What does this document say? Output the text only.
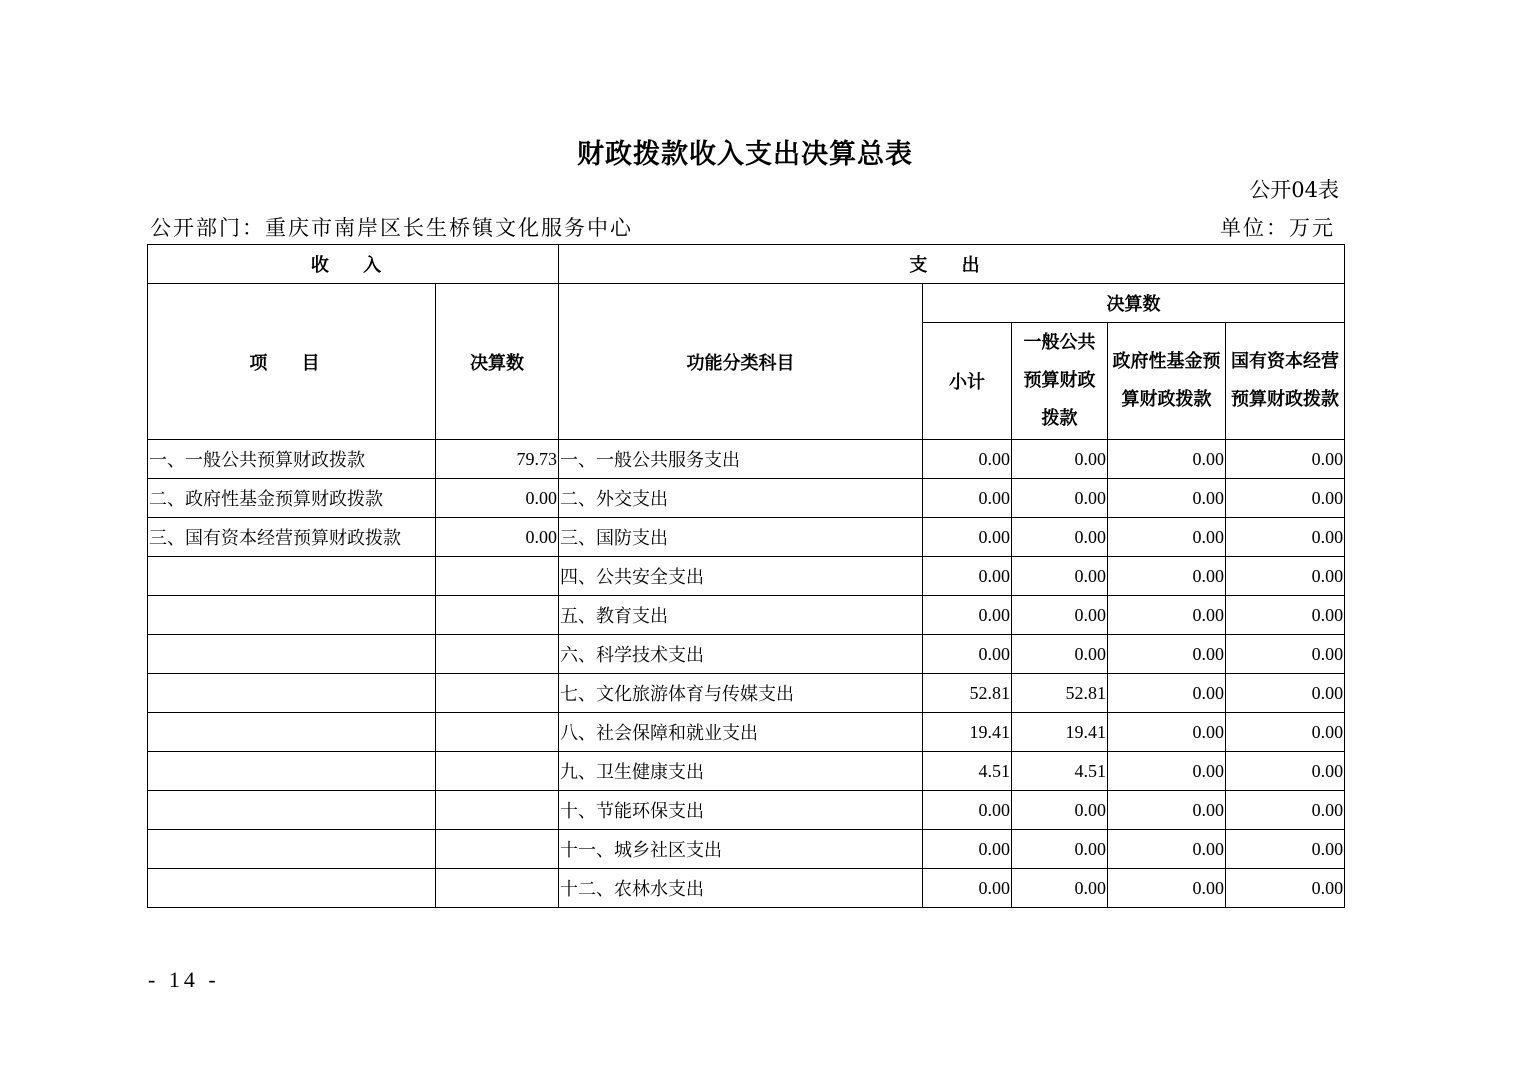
财政拨款收入支出决算总表
公开04表
公开部门：重庆市南岸区长生桥镇文化服务中心	单位：万元
收 入		支 出				
项 目	决算数	功能分类科目	决算数			
			小计	一般公共预算财政拨款	政府性基金预算财政拨款	国有资本经营预算财政拨款
一、一般公共预算财政拨款	79.73	一、一般公共服务支出	0.00	0.00	0.00	0.00
二、政府性基金预算财政拨款	0.00	二、外交支出	0.00	0.00	0.00	0.00
三、国有资本经营预算财政拨款	0.00	三、国防支出	0.00	0.00	0.00	0.00
		四、公共安全支出	0.00	0.00	0.00	0.00
		五、教育支出	0.00	0.00	0.00	0.00
		六、科学技术支出	0.00	0.00	0.00	0.00
		七、文化旅游体育与传媒支出	52.81	52.81	0.00	0.00
		八、社会保障和就业支出	19.41	19.41	0.00	0.00
		九、卫生健康支出	4.51	4.51	0.00	0.00
		十、节能环保支出	0.00	0.00	0.00	0.00
		十一、城乡社区支出	0.00	0.00	0.00	0.00
		十二、农林水支出	0.00	0.00	0.00	0.00
- 14 -
